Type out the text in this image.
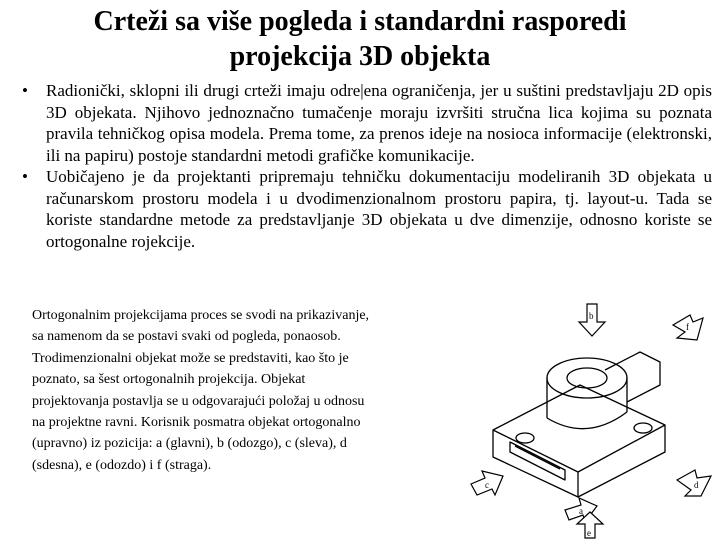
Crteži sa više pogleda i standardni rasporedi
projekcija 3D objekta
• Radionički, sklopni ili drugi crteži imaju odre|ena ograničenja, jer u suštini predstavljaju 2D opis 3D objekata. Njihovo jednoznačno tumačenje moraju izvršiti stručna lica kojima su poznata pravila tehničkog opisa modela. Prema tome, za prenos ideje na nosioca informacije (elektronski, ili na papiru) postoje standardni metodi grafičke komunikacije.
• Uobičajeno je da projektanti pripremaju tehničku dokumentaciju modeliranih 3D objekata u računarskom prostoru modela i u dvodimenzionalnom prostoru papira, tj. layout-u. Tada se koriste standardne metode za predstavljanje 3D objekata u dve dimenzije, odnosno koriste se ortogonalne rojekcije.
Ortogonalnim projekcijama proces se svodi na prikazivanje, sa namenom da se postavi svaki od pogleda, ponaosob. Trodimenzionalni objekat može se predstaviti, kao što je poznato, sa šest ortogonalnih projekcija. Objekat projektovanja postavlja se u odgovarajući položaj u odnosu na projektne ravni. Korisnik posmatra objekat ortogonalno (upravno) iz pozicija: a (glavni), b (odozgo), c (sleva), d (sdesna), e (odozdo) i f (straga).
b
f
c	d
a
e
